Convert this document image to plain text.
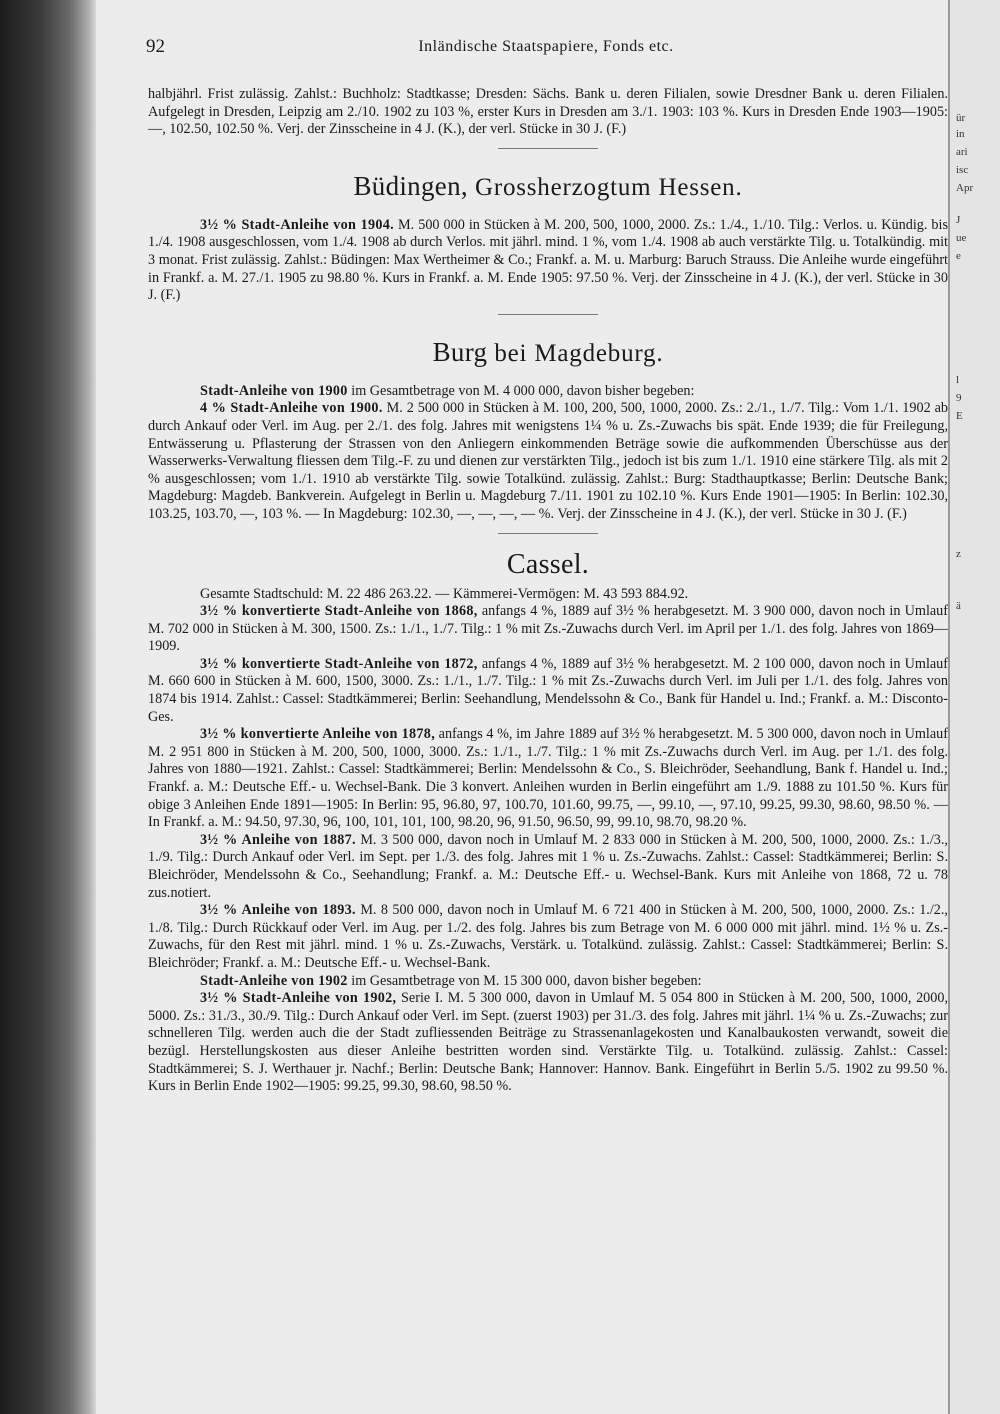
92	Inländische Staatspapiere, Fonds etc.

halbjährl. Frist zulässig. Zahlst.: Buchholz: Stadtkasse; Dresden: Sächs. Bank u. deren Filialen, sowie Dresdner Bank u. deren Filialen. Aufgelegt in Dresden, Leipzig am 2./10. 1902 zu 103 %, erster Kurs in Dresden am 3./1. 1903: 103 %. Kurs in Dresden Ende 1903—1905: —, 102.50, 102.50 %. Verj. der Zinsscheine in 4 J. (K.), der verl. Stücke in 30 J. (F.)

Büdingen, Grossherzogtum Hessen.

3½ % Stadt-Anleihe von 1904. M. 500 000 in Stücken à M. 200, 500, 1000, 2000. Zs.: 1./4., 1./10. Tilg.: Verlos. u. Kündig. bis 1./4. 1908 ausgeschlossen, vom 1./4. 1908 ab durch Verlos. mit jährl. mind. 1 %, vom 1./4. 1908 ab auch verstärkte Tilg. u. Totalkündig. mit 3 monat. Frist zulässig. Zahlst.: Büdingen: Max Wertheimer & Co.; Frankf. a. M. u. Marburg: Baruch Strauss. Die Anleihe wurde eingeführt in Frankf. a. M. 27./1. 1905 zu 98.80 %. Kurs in Frankf. a. M. Ende 1905: 97.50 %. Verj. der Zinsscheine in 4 J. (K.), der verl. Stücke in 30 J. (F.)

Burg bei Magdeburg.

Stadt-Anleihe von 1900 im Gesamtbetrage von M. 4 000 000, davon bisher begeben:

4 % Stadt-Anleihe von 1900. M. 2 500 000 in Stücken à M. 100, 200, 500, 1000, 2000. Zs.: 2./1., 1./7. Tilg.: Vom 1./1. 1902 ab durch Ankauf oder Verl. im Aug. per 2./1. des folg. Jahres mit wenigstens 1¼ % u. Zs.-Zuwachs bis spät. Ende 1939; die für Freilegung, Entwässerung u. Pflasterung der Strassen von den Anliegern einkommenden Beträge sowie die aufkommenden Überschüsse aus der Wasserwerks-Verwaltung fliessen dem Tilg.-F. zu und dienen zur verstärkten Tilg., jedoch ist bis zum 1./1. 1910 eine stärkere Tilg. als mit 2 % ausgeschlossen; vom 1./1. 1910 ab verstärkte Tilg. sowie Totalkünd. zulässig. Zahlst.: Burg: Stadthauptkasse; Berlin: Deutsche Bank; Magdeburg: Magdeb. Bankverein. Aufgelegt in Berlin u. Magdeburg 7./11. 1901 zu 102.10 %. Kurs Ende 1901—1905: In Berlin: 102.30, 103.25, 103.70, —, 103 %. — In Magdeburg: 102.30, —, —, —, — %. Verj. der Zinsscheine in 4 J. (K.), der verl. Stücke in 30 J. (F.)

Cassel.

Gesamte Stadtschuld: M. 22 486 263.22. — Kämmerei-Vermögen: M. 43 593 884.92.

3½ % konvertierte Stadt-Anleihe von 1868, anfangs 4 %, 1889 auf 3½ % herabgesetzt. M. 3 900 000, davon noch in Umlauf M. 702 000 in Stücken à M. 300, 1500. Zs.: 1./1., 1./7. Tilg.: 1 % mit Zs.-Zuwachs durch Verl. im April per 1./1. des folg. Jahres von 1869—1909.

3½ % konvertierte Stadt-Anleihe von 1872, anfangs 4 %, 1889 auf 3½ % herabgesetzt. M. 2 100 000, davon noch in Umlauf M. 660 600 in Stücken à M. 600, 1500, 3000. Zs.: 1./1., 1./7. Tilg.: 1 % mit Zs.-Zuwachs durch Verl. im Juli per 1./1. des folg. Jahres von 1874 bis 1914. Zahlst.: Cassel: Stadtkämmerei; Berlin: Seehandlung, Mendelssohn & Co., Bank für Handel u. Ind.; Frankf. a. M.: Disconto-Ges.

3½ % konvertierte Anleihe von 1878, anfangs 4 %, im Jahre 1889 auf 3½ % herabgesetzt. M. 5 300 000, davon noch in Umlauf M. 2 951 800 in Stücken à M. 200, 500, 1000, 3000. Zs.: 1./1., 1./7. Tilg.: 1 % mit Zs.-Zuwachs durch Verl. im Aug. per 1./1. des folg. Jahres von 1880—1921. Zahlst.: Cassel: Stadtkämmerei; Berlin: Mendelssohn & Co., S. Bleichröder, Seehandlung, Bank f. Handel u. Ind.; Frankf. a. M.: Deutsche Eff.- u. Wechsel-Bank. Die 3 konvert. Anleihen wurden in Berlin eingeführt am 1./9. 1888 zu 101.50 %. Kurs für obige 3 Anleihen Ende 1891—1905: In Berlin: 95, 96.80, 97, 100.70, 101.60, 99.75, —, 99.10, —, 97.10, 99.25, 99.30, 98.60, 98.50 %. — In Frankf. a. M.: 94.50, 97.30, 96, 100, 101, 101, 100, 98.20, 96, 91.50, 96.50, 99, 99.10, 98.70, 98.20 %.

3½ % Anleihe von 1887. M. 3 500 000, davon noch in Umlauf M. 2 833 000 in Stücken à M. 200, 500, 1000, 2000. Zs.: 1./3., 1./9. Tilg.: Durch Ankauf oder Verl. im Sept. per 1./3. des folg. Jahres mit 1 % u. Zs.-Zuwachs. Zahlst.: Cassel: Stadtkämmerei; Berlin: S. Bleichröder, Mendelssohn & Co., Seehandlung; Frankf. a. M.: Deutsche Eff.- u. Wechsel-Bank. Kurs mit Anleihe von 1868, 72 u. 78 zus.notiert.

3½ % Anleihe von 1893. M. 8 500 000, davon noch in Umlauf M. 6 721 400 in Stücken à M. 200, 500, 1000, 2000. Zs.: 1./2., 1./8. Tilg.: Durch Rückkauf oder Verl. im Aug. per 1./2. des folg. Jahres bis zum Betrage von M. 6 000 000 mit jährl. mind. 1½ % u. Zs.-Zuwachs, für den Rest mit jährl. mind. 1 % u. Zs.-Zuwachs, Verstärk. u. Totalkünd. zulässig. Zahlst.: Cassel: Stadtkämmerei; Berlin: S. Bleichröder; Frankf. a. M.: Deutsche Eff.- u. Wechsel-Bank.

Stadt-Anleihe von 1902 im Gesamtbetrage von M. 15 300 000, davon bisher begeben:

3½ % Stadt-Anleihe von 1902, Serie I. M. 5 300 000, davon in Umlauf M. 5 054 800 in Stücken à M. 200, 500, 1000, 2000, 5000. Zs.: 31./3., 30./9. Tilg.: Durch Ankauf oder Verl. im Sept. (zuerst 1903) per 31./3. des folg. Jahres mit jährl. 1¼ % u. Zs.-Zuwachs; zur schnelleren Tilg. werden auch die der Stadt zufliessenden Beiträge zu Strassenanlagekosten und Kanalbaukosten verwandt, soweit die bezügl. Herstellungskosten aus dieser Anleihe bestritten worden sind. Verstärkte Tilg. u. Totalkünd. zulässig. Zahlst.: Cassel: Stadtkämmerei; S. J. Werthauer jr. Nachf.; Berlin: Deutsche Bank; Hannover: Hannov. Bank. Eingeführt in Berlin 5./5. 1902 zu 99.50 %. Kurs in Berlin Ende 1902—1905: 99.25, 99.30, 98.60, 98.50 %.

ür
in
ari
isc
Apr
J
ue
e
l
9
E
z
ä
